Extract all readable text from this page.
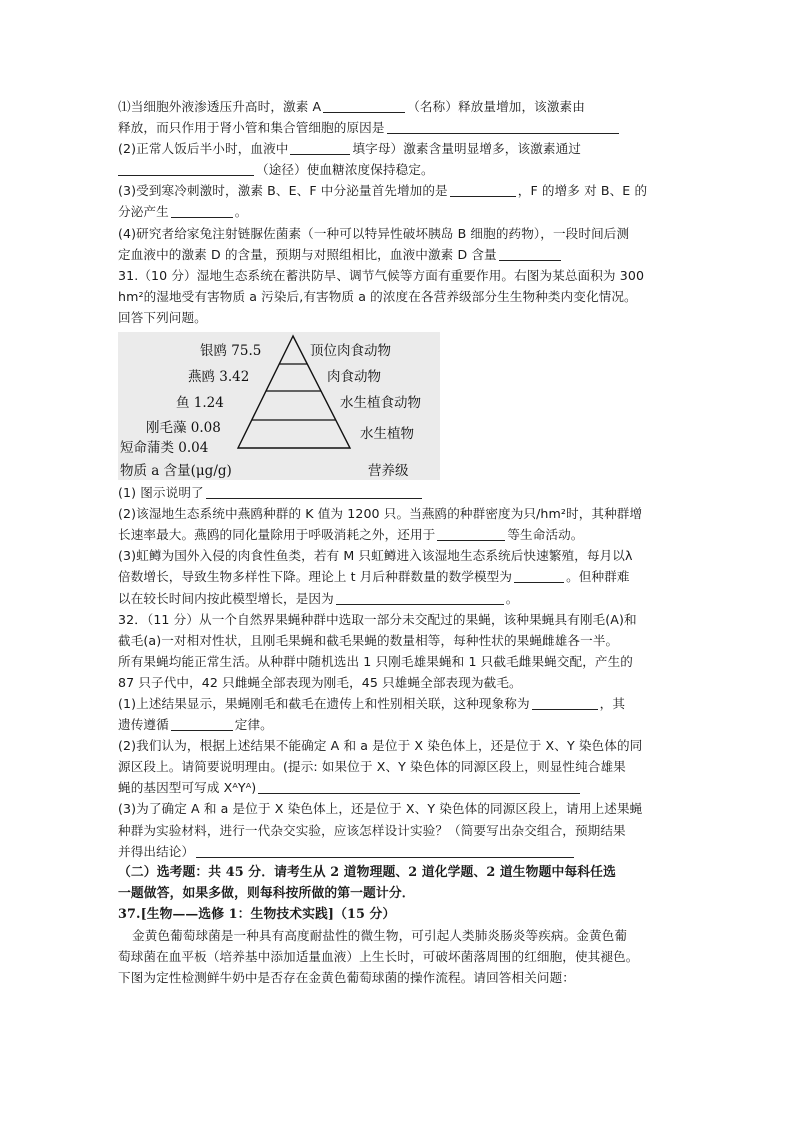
⑴当细胞外液渗透压升高时，激素 A	（名称）释放量增加，该激素由
释放，而只作用于肾小管和集合管细胞的原因是
(2)正常人饭后半小时，血液中	填字母）激素含量明显增多，该激素通过
（途径）使血糖浓度保持稳定。
(3)受到寒冷刺激时，激素 B、E、F 中分泌量首先增加的是	，F 的增多 对 B、E 的
分泌产生	。
(4)研究者给家兔注射链脲佐菌素（一种可以特异性破坏胰岛 B 细胞的药物），一段时间后测
定血液中的激素 D 的含量，预期与对照组相比，血液中激素 D 含量
31.（10 分）湿地生态系统在蓄洪防旱、调节气候等方面有重要作用。右图为某总面积为 300
hm²的湿地受有害物质 a 污染后,有害物质 a 的浓度在各营养级部分生生物种类内变化情况。
回答下列问题。
银鸥 75.5
燕鸥 3.42
鱼 1.24
刚毛藻 0.08
短命蒲类 0.04
顶位肉食动物
肉食动物
水生植食动物
水生植物
物质 a 含量(μg/g)	营养级
(1) 图示说明了
(2)该湿地生态系统中燕鸥种群的 K 值为 1200 只。当燕鸥的种群密度为只/hm²时，其种群增
长速率最大。燕鸥的同化量除用于呼吸消耗之外，还用于	等生命活动。
(3)虹鳟为国外入侵的肉食性鱼类，若有 M 只虹鳟进入该湿地生态系统后快速繁殖，每月以λ
倍数增长，导致生物多样性下降。理论上 t 月后种群数量的数学模型为	。但种群难
以在较长时间内按此模型增长，是因为	。
32．（11 分）从一个自然界果蝇种群中选取一部分未交配过的果蝇，该种果蝇具有刚毛(A)和
截毛(a)一对相对性状，且刚毛果蝇和截毛果蝇的数量相等，每种性状的果蝇雌雄各一半。
所有果蝇均能正常生活。从种群中随机选出 1 只刚毛雄果蝇和 1 只截毛雌果蝇交配，产生的
87 只子代中，42 只雌蝇全部表现为刚毛，45 只雄蝇全部表现为截毛。
(1)上述结果显示，果蝇刚毛和截毛在遗传上和性别相关联，这种现象称为	，其
遗传遵循	定律。
(2)我们认为，根据上述结果不能确定 A 和 a 是位于 X 染色体上，还是位于 X、Y 染色体的同
源区段上。请简要说明理由。(提示: 如果位于 X、Y 染色体的同源区段上，则显性纯合雄果
蝇的基因型可写成 XᴬYᴬ)
(3)为了确定 A 和 a 是位于 X 染色体上，还是位于 X、Y 染色体的同源区段上，请用上述果蝇
种群为实验材料，进行一代杂交实验，应该怎样设计实验？（简要写出杂交组合，预期结果
并得出结论）
（二）选考题：共 45 分．请考生从 2 道物理题、2 道化学题、2 道生物题中每科任选
一题做答，如果多做，则每科按所做的第一题计分．
37.[生物——选修 1：生物技术实践]（15 分）
金黄色葡萄球菌是一种具有高度耐盐性的微生物，可引起人类肺炎肠炎等疾病。金黄色葡
萄球菌在血平板（培养基中添加适量血液）上生长时，可破坏菌落周围的红细胞，使其褪色。
下图为定性检测鲜牛奶中是否存在金黄色葡萄球菌的操作流程。请回答相关问题：
